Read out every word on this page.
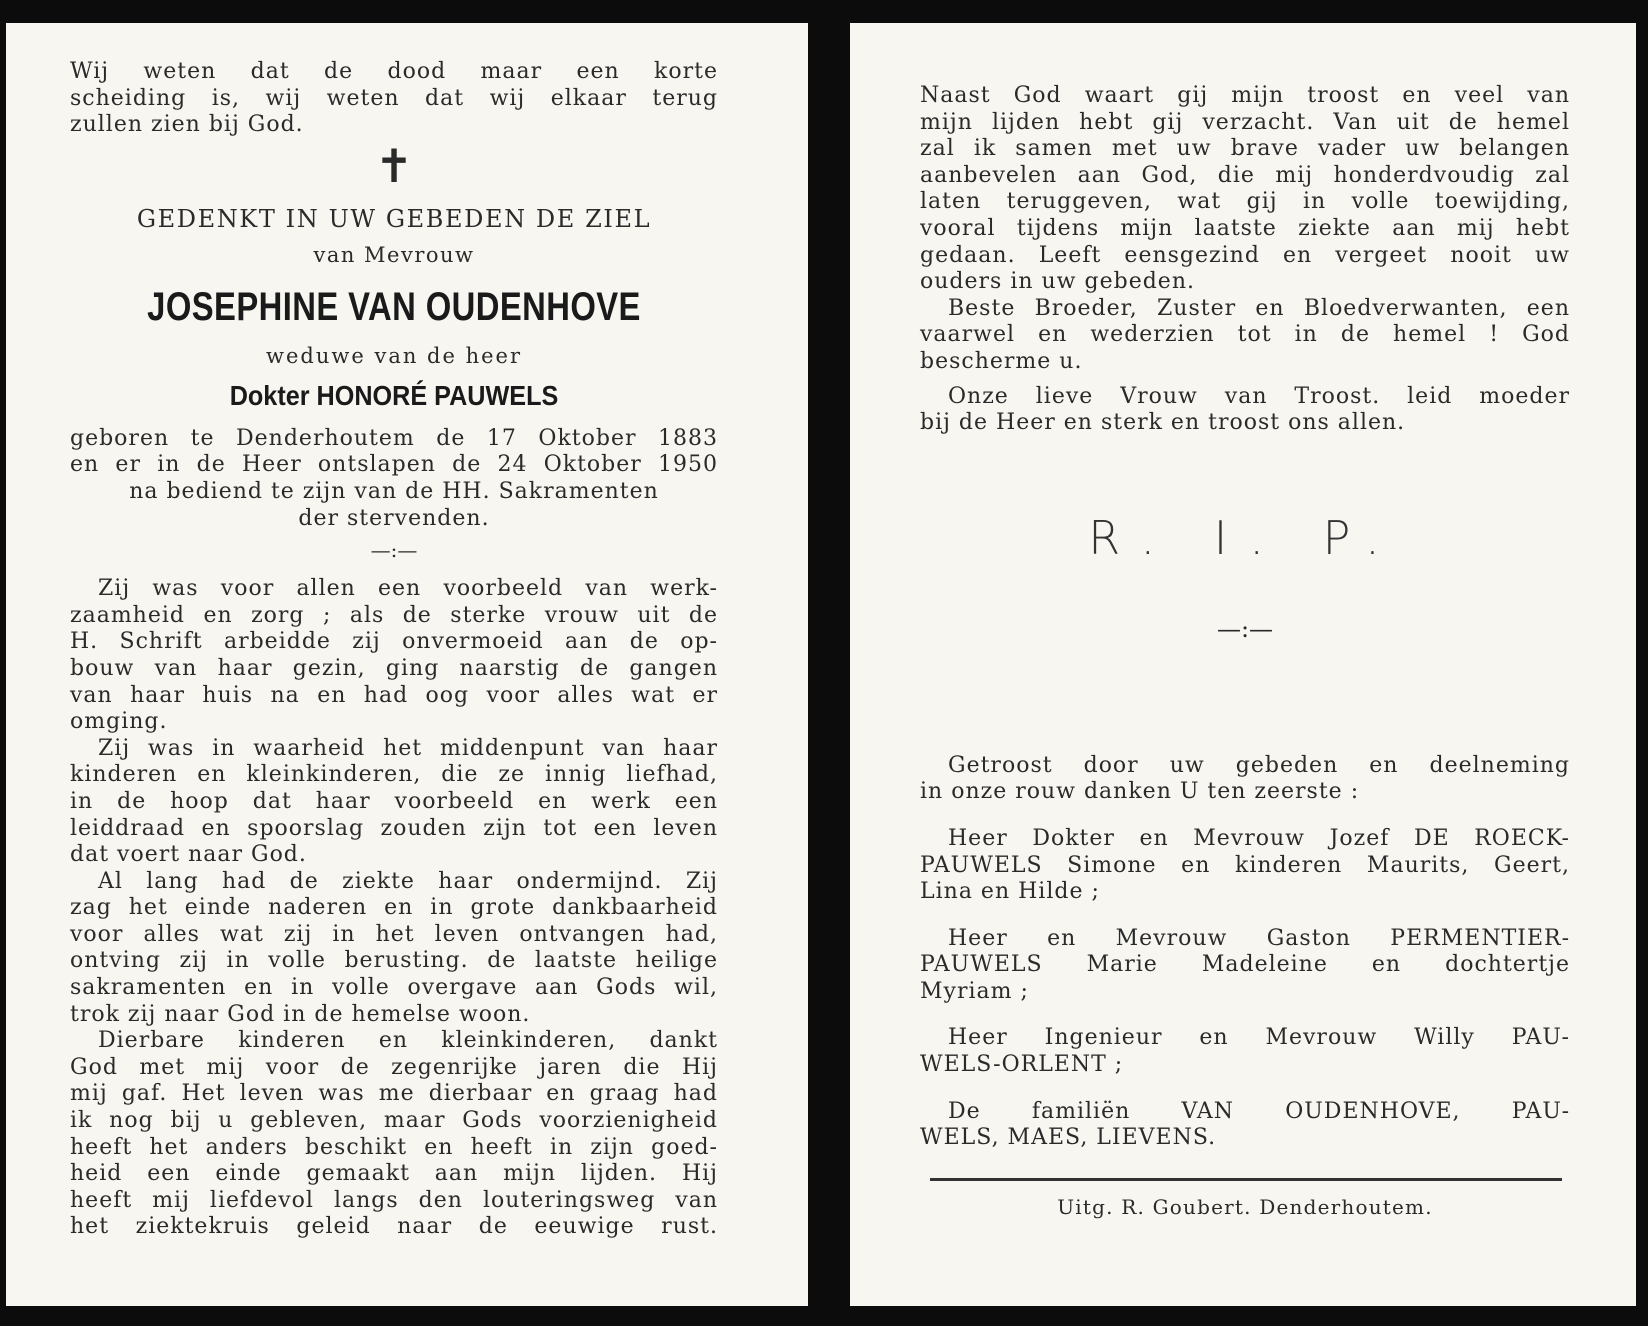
Wij weten dat de dood maar een korte
scheiding is, wij weten dat wij elkaar terug
zullen zien bij God.
✝
GEDENKT IN UW GEBEDEN DE ZIEL
van Mevrouw
JOSEPHINE VAN OUDENHOVE
weduwe van de heer
Dokter HONORÉ PAUWELS
geboren te Denderhoutem de 17 Oktober 1883
en er in de Heer ontslapen de 24 Oktober 1950
na bediend te zijn van de HH. Sakramenten
der stervenden.
—:—
Zij was voor allen een voorbeeld van werk-
zaamheid en zorg ; als de sterke vrouw uit de
H. Schrift arbeidde zij onvermoeid aan de op-
bouw van haar gezin, ging naarstig de gangen
van haar huis na en had oog voor alles wat er
omging.
Zij was in waarheid het middenpunt van haar
kinderen en kleinkinderen, die ze innig liefhad,
in de hoop dat haar voorbeeld en werk een
leiddraad en spoorslag zouden zijn tot een leven
dat voert naar God.
Al lang had de ziekte haar ondermijnd. Zij
zag het einde naderen en in grote dankbaarheid
voor alles wat zij in het leven ontvangen had,
ontving zij in volle berusting. de laatste heilige
sakramenten en in volle overgave aan Gods wil,
trok zij naar God in de hemelse woon.
Dierbare kinderen en kleinkinderen, dankt
God met mij voor de zegenrijke jaren die Hij
mij gaf. Het leven was me dierbaar en graag had
ik nog bij u gebleven, maar Gods voorzienigheid
heeft het anders beschikt en heeft in zijn goed-
heid een einde gemaakt aan mijn lijden. Hij
heeft mij liefdevol langs den louteringsweg van
het ziektekruis geleid naar de eeuwige rust.
Naast God waart gij mijn troost en veel van
mijn lijden hebt gij verzacht. Van uit de hemel
zal ik samen met uw brave vader uw belangen
aanbevelen aan God, die mij honderdvoudig zal
laten teruggeven, wat gij in volle toewijding,
vooral tijdens mijn laatste ziekte aan mij hebt
gedaan. Leeft eensgezind en vergeet nooit uw
ouders in uw gebeden.
Beste Broeder, Zuster en Bloedverwanten, een
vaarwel en wederzien tot in de hemel ! God
bescherme u.
Onze lieve Vrouw van Troost. leid moeder
bij de Heer en sterk en troost ons allen.
R. I. P.
—:—
Getroost door uw gebeden en deelneming
in onze rouw danken U ten zeerste :
Heer Dokter en Mevrouw Jozef DE ROECK-
PAUWELS Simone en kinderen Maurits, Geert,
Lina en Hilde ;
Heer en Mevrouw Gaston PERMENTIER-
PAUWELS Marie Madeleine en dochtertje
Myriam ;
Heer Ingenieur en Mevrouw Willy PAU-
WELS-ORLENT ;
De familiën VAN OUDENHOVE, PAU-
WELS, MAES, LIEVENS.
Uitg. R. Goubert. Denderhoutem.
